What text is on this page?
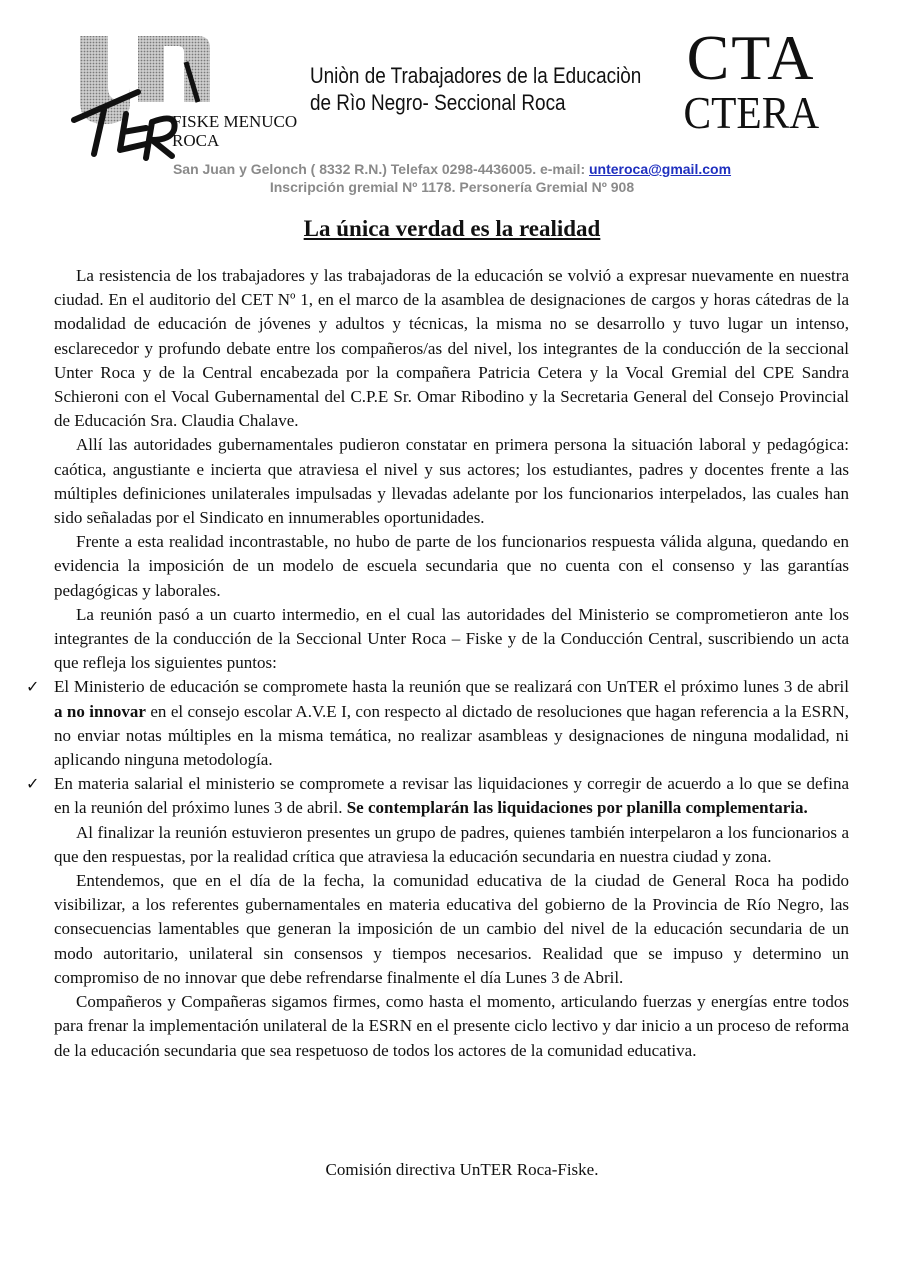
FISKE MENUCO
ROCA
Uniòn de Trabajadores de la Educaciòn
de Rìo Negro- Seccional Roca
CTA
CTERA
San Juan y Gelonch ( 8332 R.N.) Telefax 0298-4436005. e-mail: unteroca@gmail.com
Inscripción gremial Nº 1178. Personería Gremial Nº 908
La única verdad es la realidad

La resistencia de los trabajadores y las trabajadoras de la educación se volvió a expresar nuevamente en nuestra ciudad. En el auditorio del CET Nº 1, en el marco de la asamblea de designaciones de cargos y horas cátedras de la modalidad de educación de jóvenes y adultos y técnicas, la misma no se desarrollo y tuvo lugar un intenso, esclarecedor y profundo debate entre los compañeros/as del nivel, los integrantes de la conducción de la seccional Unter Roca y de la Central encabezada por la compañera Patricia Cetera y la Vocal Gremial del CPE Sandra Schieroni con el Vocal Gubernamental del C.P.E Sr. Omar Ribodino y la Secretaria General del Consejo Provincial de Educación Sra. Claudia Chalave.

Allí las autoridades gubernamentales pudieron constatar en primera persona la situación laboral y pedagógica: caótica, angustiante e incierta que atraviesa el nivel y sus actores; los estudiantes, padres y docentes frente a las múltiples definiciones unilaterales impulsadas y llevadas adelante por los funcionarios interpelados, las cuales han sido señaladas por el Sindicato en innumerables oportunidades.

Frente a esta realidad incontrastable, no hubo de parte de los funcionarios respuesta válida alguna, quedando en evidencia la imposición de un modelo de escuela secundaria que no cuenta con el consenso y las garantías pedagógicas y laborales.

La reunión pasó a un cuarto intermedio, en el cual las autoridades del Ministerio se comprometieron ante los integrantes de la conducción de la Seccional Unter Roca – Fiske y de la Conducción Central, suscribiendo un acta que refleja los siguientes puntos:

✓ El Ministerio de educación se compromete hasta la reunión que se realizará con UnTER el próximo lunes 3 de abril a no innovar en el consejo escolar A.V.E I, con respecto al dictado de resoluciones que hagan referencia a la ESRN, no enviar notas múltiples en la misma temática, no realizar asambleas y designaciones de ninguna modalidad, ni aplicando ninguna metodología.
✓ En materia salarial el ministerio se compromete a revisar las liquidaciones y corregir de acuerdo a lo que se defina en la reunión del próximo lunes 3 de abril. Se contemplarán las liquidaciones por planilla complementaria.

Al finalizar la reunión estuvieron presentes un grupo de padres, quienes también interpelaron a los funcionarios a que den respuestas, por la realidad crítica que atraviesa la educación secundaria en nuestra ciudad y zona.

Entendemos, que en el día de la fecha, la comunidad educativa de la ciudad de General Roca ha podido visibilizar, a los referentes gubernamentales en materia educativa del gobierno de la Provincia de Río Negro, las consecuencias lamentables que generan la imposición de un cambio del nivel de la educación secundaria de un modo autoritario, unilateral sin consensos y tiempos necesarios. Realidad que se impuso y determino un compromiso de no innovar que debe refrendarse finalmente el día Lunes 3 de Abril.

Compañeros y Compañeras sigamos firmes, como hasta el momento, articulando fuerzas y energías entre todos para frenar la implementación unilateral de la ESRN en el presente ciclo lectivo y dar inicio a un proceso de reforma de la educación secundaria que sea respetuoso de todos los actores de la comunidad educativa.

Comisión directiva UnTER Roca-Fiske.
